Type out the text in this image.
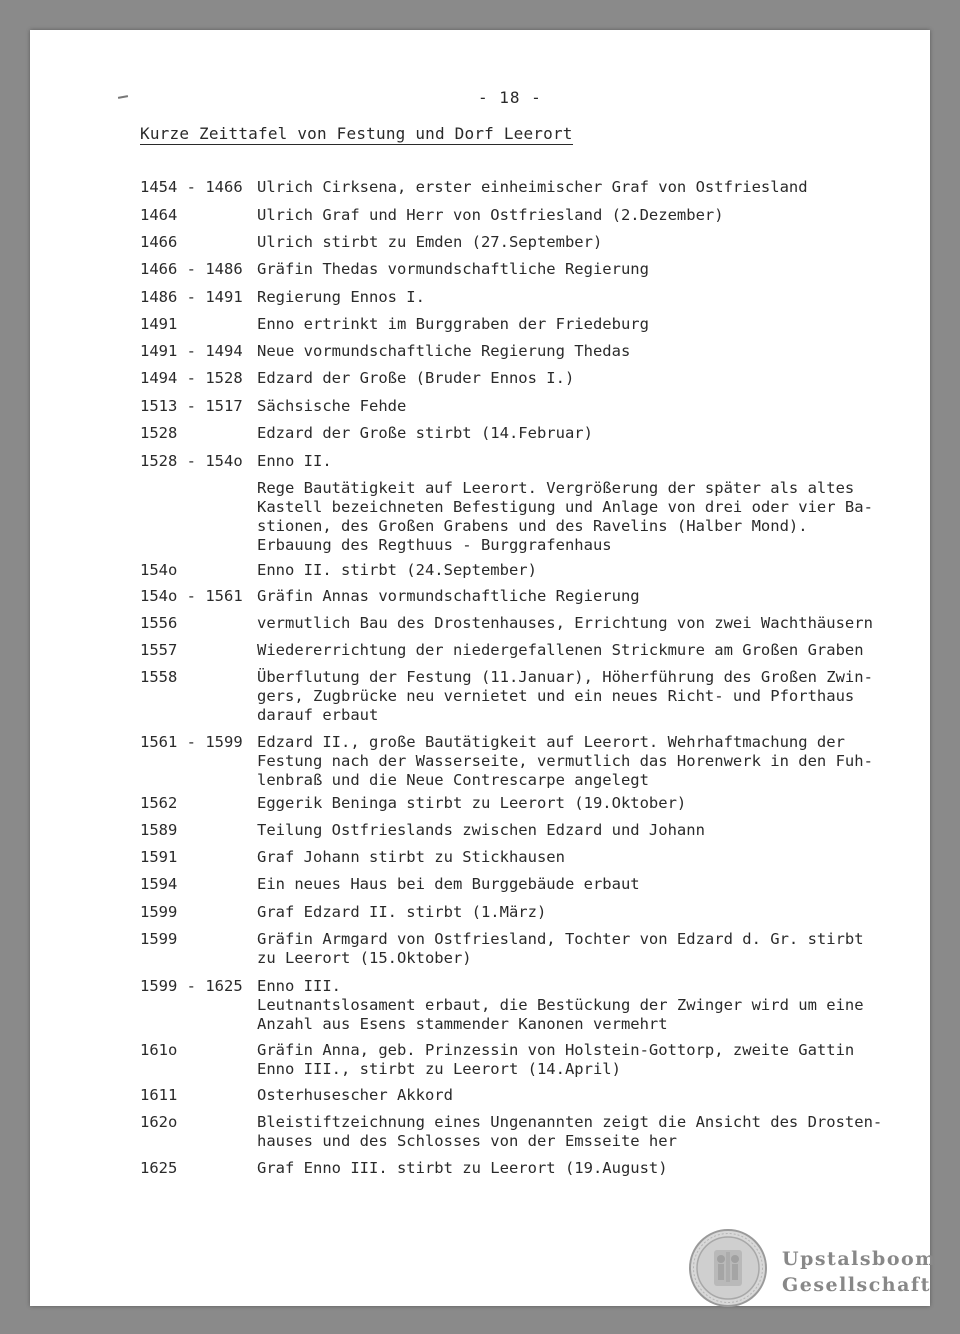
- 18 -
Kurze Zeittafel von Festung und Dorf Leerort
1454 - 1466 Ulrich Cirksena, erster einheimischer Graf von Ostfriesland
1464	Ulrich Graf und Herr von Ostfriesland (2.Dezember)
1466	Ulrich stirbt zu Emden (27.September)
1466 - 1486 Gräfin Thedas vormundschaftliche Regierung
1486 - 1491 Regierung Ennos I.
1491	Enno ertrinkt im Burggraben der Friedeburg
1491 - 1494 Neue vormundschaftliche Regierung Thedas
1494 - 1528 Edzard der Große (Bruder Ennos I.)
1513 - 1517 Sächsische Fehde
1528	Edzard der Große stirbt (14.Februar)
1528 - 154o Enno II.
Rege Bautätigkeit auf Leerort. Vergrößerung der später als altes
Kastell bezeichneten Befestigung und Anlage von drei oder vier Ba-
stionen, des Großen Grabens und des Ravelins (Halber Mond).
Erbauung des Regthuus - Burggrafenhaus
154o	Enno II. stirbt (24.September)
154o - 1561 Gräfin Annas vormundschaftliche Regierung
1556	vermutlich Bau des Drostenhauses, Errichtung von zwei Wachthäusern
1557	Wiedererrichtung der niedergefallenen Strickmure am Großen Graben
1558	Überflutung der Festung (11.Januar), Höherführung des Großen Zwin-
gers, Zugbrücke neu vernietet und ein neues Richt- und Pforthaus
darauf erbaut
1561 - 1599 Edzard II., große Bautätigkeit auf Leerort. Wehrhaftmachung der
Festung nach der Wasserseite, vermutlich das Horenwerk in den Fuh-
lenbraß und die Neue Contrescarpe angelegt
1562	Eggerik Beninga stirbt zu Leerort (19.Oktober)
1589	Teilung Ostfrieslands zwischen Edzard und Johann
1591	Graf Johann stirbt zu Stickhausen
1594	Ein neues Haus bei dem Burggebäude erbaut
1599	Graf Edzard II. stirbt (1.März)
1599	Gräfin Armgard von Ostfriesland, Tochter von Edzard d. Gr. stirbt
zu Leerort (15.Oktober)
1599 - 1625 Enno III.
Leutnantslosament erbaut, die Bestückung der Zwinger wird um eine
Anzahl aus Esens stammender Kanonen vermehrt
161o	Gräfin Anna, geb. Prinzessin von Holstein-Gottorp, zweite Gattin
Enno III., stirbt zu Leerort (14.April)
1611	Osterhusescher Akkord
162o	Bleistiftzeichnung eines Ungenannten zeigt die Ansicht des Drosten-
hauses und des Schlosses von der Emsseite her
1625	Graf Enno III. stirbt zu Leerort (19.August)
Upstalsboom
Gesellschaft
